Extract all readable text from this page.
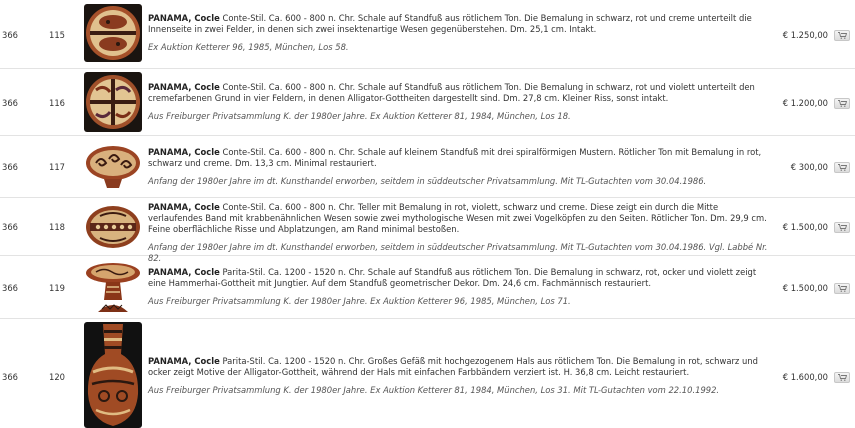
366	115
PANAMA, Cocle Conte-Stil. Ca. 600 - 800 n. Chr. Schale auf Standfuß aus rötlichem Ton. Die Bemalung in schwarz, rot und creme unterteilt die Innenseite in zwei Felder, in denen sich zwei insektenartige Wesen gegenüberstehen. Dm. 25,1 cm. Intakt.
Ex Auktion Ketterer 96, 1985, München, Los 58.
€ 1.250,00
366	116
PANAMA, Cocle Conte-Stil. Ca. 600 - 800 n. Chr. Schale auf Standfuß aus rötlichem Ton. Die Bemalung in schwarz, rot und violett unterteilt den cremefarbenen Grund in vier Feldern, in denen Alligator-Gottheiten dargestellt sind. Dm. 27,8 cm. Kleiner Riss, sonst intakt.
Aus Freiburger Privatsammlung K. der 1980er Jahre. Ex Auktion Ketterer 81, 1984, München, Los 18.
€ 1.200,00
366	117
PANAMA, Cocle Conte-Stil. Ca. 600 - 800 n. Chr. Schale auf kleinem Standfuß mit drei spiralförmigen Mustern. Rötlicher Ton mit Bemalung in rot, schwarz und creme. Dm. 13,3 cm. Minimal restauriert.
Anfang der 1980er Jahre im dt. Kunsthandel erworben, seitdem in süddeutscher Privatsammlung. Mit TL-Gutachten vom 30.04.1986.
€ 300,00
366	118
PANAMA, Cocle Conte-Stil. Ca. 600 - 800 n. Chr. Teller mit Bemalung in rot, violett, schwarz und creme. Diese zeigt ein durch die Mitte verlaufendes Band mit krabbenähnlichen Wesen sowie zwei mythologische Wesen mit zwei Vogelköpfen zu den Seiten. Rötlicher Ton. Dm. 29,9 cm. Feine oberflächliche Risse und Abplatzungen, am Rand minimal bestoßen.
Anfang der 1980er Jahre im dt. Kunsthandel erworben, seitdem in süddeutscher Privatsammlung. Mit TL-Gutachten vom 30.04.1986. Vgl. Labbé Nr. 82.
€ 1.500,00
366	119
PANAMA, Cocle Parita-Stil. Ca. 1200 - 1520 n. Chr. Schale auf Standfuß aus rötlichem Ton. Die Bemalung in schwarz, rot, ocker und violett zeigt eine Hammerhai-Gottheit mit Jungtier. Auf dem Standfuß geometrischer Dekor. Dm. 24,6 cm. Fachmännisch restauriert.
Aus Freiburger Privatsammlung K. der 1980er Jahre. Ex Auktion Ketterer 96, 1985, München, Los 71.
€ 1.500,00
366	120
PANAMA, Cocle Parita-Stil. Ca. 1200 - 1520 n. Chr. Großes Gefäß mit hochgezogenem Hals aus rötlichem Ton. Die Bemalung in rot, schwarz und ocker zeigt Motive der Alligator-Gottheit, während der Hals mit einfachen Farbbändern verziert ist. H. 36,8 cm. Leicht restauriert.
Aus Freiburger Privatsammlung K. der 1980er Jahre. Ex Auktion Ketterer 81, 1984, München, Los 31. Mit TL-Gutachten vom 22.10.1992.
€ 1.600,00
